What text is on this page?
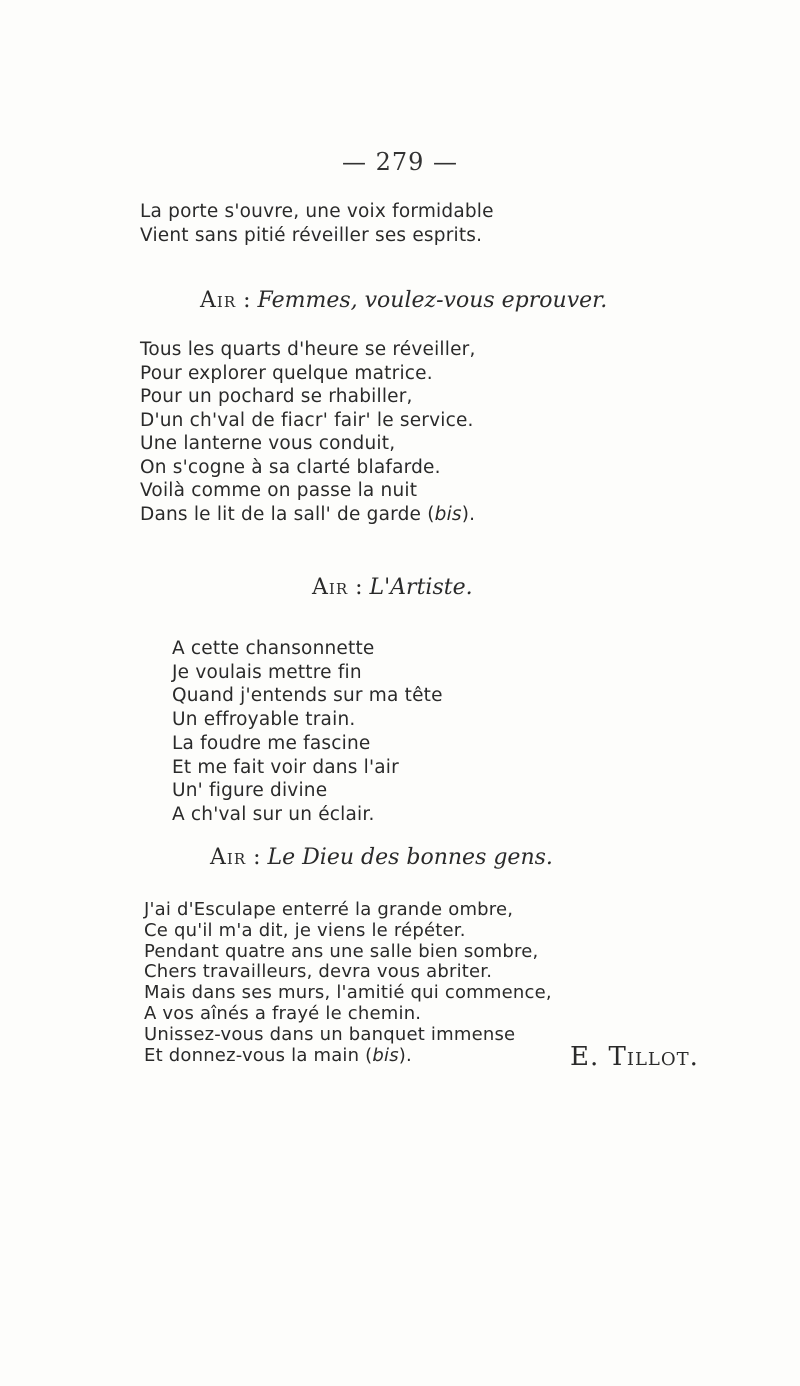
— 279 —
La porte s'ouvre, une voix formidable
Vient sans pitié réveiller ses esprits.
Air : Femmes, voulez-vous eprouver.
Tous les quarts d'heure se réveiller,
Pour explorer quelque matrice.
Pour un pochard se rhabiller,
D'un ch'val de fiacr' fair' le service.
Une lanterne vous conduit,
On s'cogne à sa clarté blafarde.
Voilà comme on passe la nuit
Dans le lit de la sall' de garde (bis).
Air : L'Artiste.
A cette chansonnette
Je voulais mettre fin
Quand j'entends sur ma tête
Un effroyable train.
La foudre me fascine
Et me fait voir dans l'air
Un' figure divine
A ch'val sur un éclair.
Air : Le Dieu des bonnes gens.
J'ai d'Esculape enterré la grande ombre,
Ce qu'il m'a dit, je viens le répéter.
Pendant quatre ans une salle bien sombre,
Chers travailleurs, devra vous abriter.
Mais dans ses murs, l'amitié qui commence,
A vos aînés a frayé le chemin.
Unissez-vous dans un banquet immense
Et donnez-vous la main (bis).	E. Tillot.
